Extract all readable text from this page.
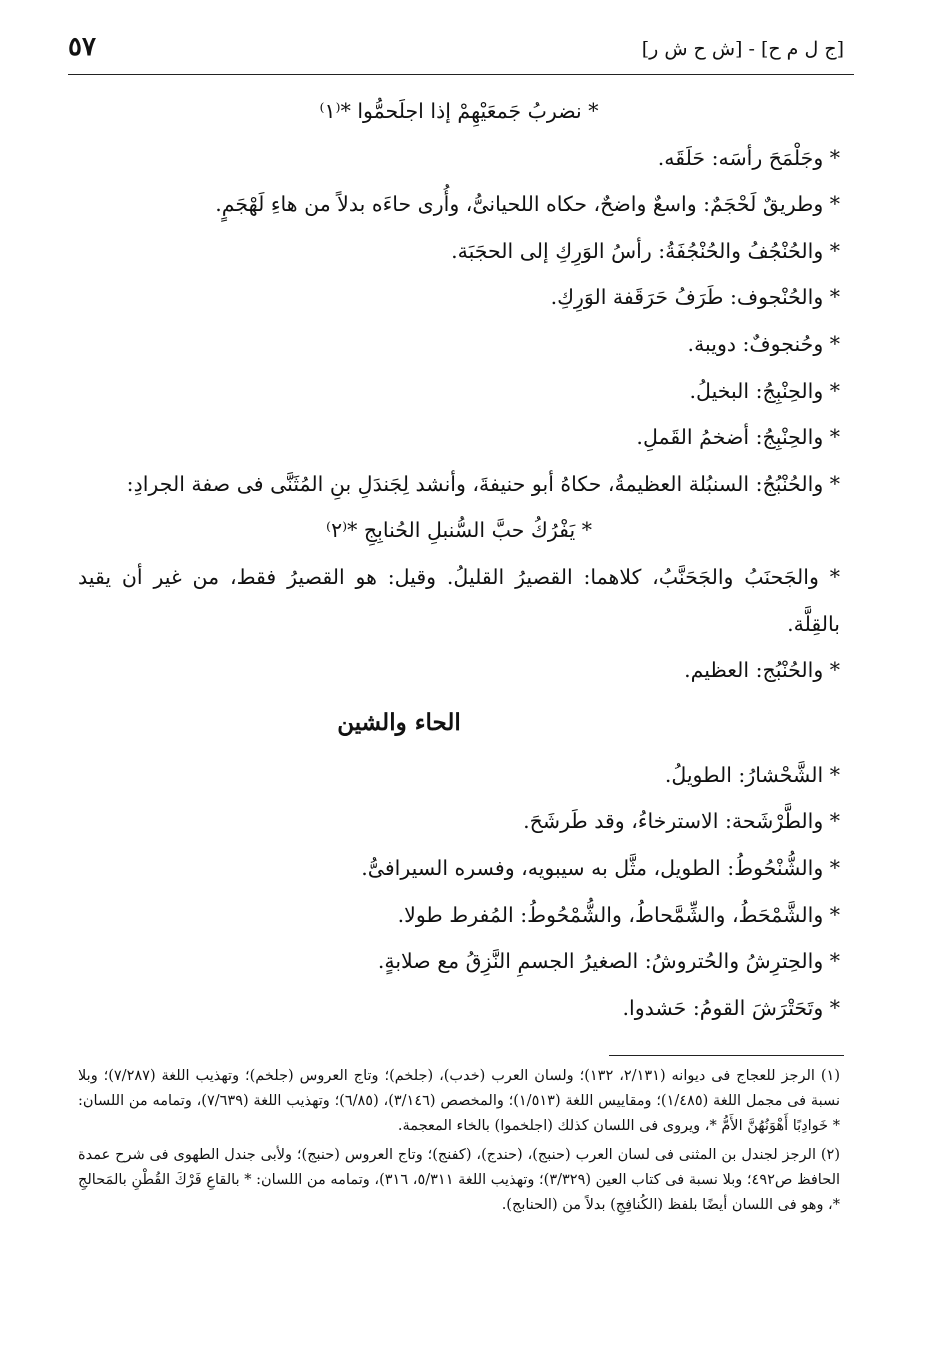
٥٧	[ج ل م ح] - [ش ح ش ر]
* نضربُ جَمعَيْهِمْ إذا اجلَحمُّوا *⁽١⁾
* وجَلْمَحَ رأسَه: حَلَقَه.
* وطريقٌ لَحْجَمٌ: واسعٌ واضحٌ، حكاه اللحيانىُّ، وأُرى حاءَه بدلاً من هاءِ لَهْجَمٍ.
* والحُنْجُفُ والحُنْجُفَةُ: رأسُ الوَرِكِ إلى الحجَبَة.
* والحُنْجوف: طَرَفُ حَرَقَفة الوَرِكِ.
* وحُنجوفٌ: دويبة.
* والحِنْبِجُ: البخيلُ.
* والحِنْبِجُ: أضخمُ القَملِ.
* والحُنْبُجُ: السنبُلة العظيمةُ، حكاهُ أبو حنيفةَ، وأنشد لِجَندَلِ بنِ المُثَنَّى فى صفة الجرادِ:
* يَفْرُكُ حبَّ السُّنبلِ الحُنابِجِ *⁽٢⁾
* والجَحنَبُ والجَحَنَّبُ، كلاهما: القصيرُ القليلُ. وقيل: هو القصيرُ فقط، من غير أن يقيد بالقِلَّة.
* والحُنْبُج: العظيم.
الحاء والشين
* الشَّحْشارُ: الطويلُ.
* والطَّرْشَحة: الاسترخاءُ، وقد طَرشَحَ.
* والشُّنْحُوطُ: الطويل، مثَّل به سيبويه، وفسره السيرافىُّ.
* والشَّمْحَطُ، والشِّمَّحاطُ، والشُّمْحُوطُ: المُفرط طولا.
* والحِترِشُ والحُتروشُ: الصغيرُ الجسمِ النَّزِقُ مع صلابةٍ.
* وتَحَتْرَشَ القومُ: حَشدوا.

(١) الرجز للعجاج فى ديوانه (٢/١٣١، ١٣٢)؛ ولسان العرب (خدب)، (جلخم)؛ وتاج العروس (جلخم)؛ وتهذيب اللغة (٧/٢٨٧)؛ وبلا نسبة فى مجمل اللغة (١/٤٨٥)؛ ومقاييس اللغة (١/٥١٣)؛ والمخصص (٣/١٤٦)، (٦/٨٥)؛ وتهذيب اللغة (٧/٦٣٩)، وتمامه من اللسان: * خَوادِبًا أَهْوَنُهُنَّ الأَمُّ *، ويروى فى اللسان كذلك (اجلخموا) بالخاء المعجمة.

(٢) الرجز لجندل بن المثنى فى لسان العرب (حنبج)، (حندج)، (كفنج)؛ وتاج العروس (حنبج)؛ ولأبى جندل الطهوى فى شرح عمدة الحافظ ص٤٩٢؛ وبلا نسبة فى كتاب العين (٣/٣٢٩)؛ وتهذيب اللغة ٥/٣١١، ٣١٦)، وتمامه من اللسان: * بالقاعِ فَرْكَ القُطْنِ بالمَحالجِ *، وهو فى اللسان أيضًا بلفظ (الكُنافِجِ) بدلاً من (الحنابج).
